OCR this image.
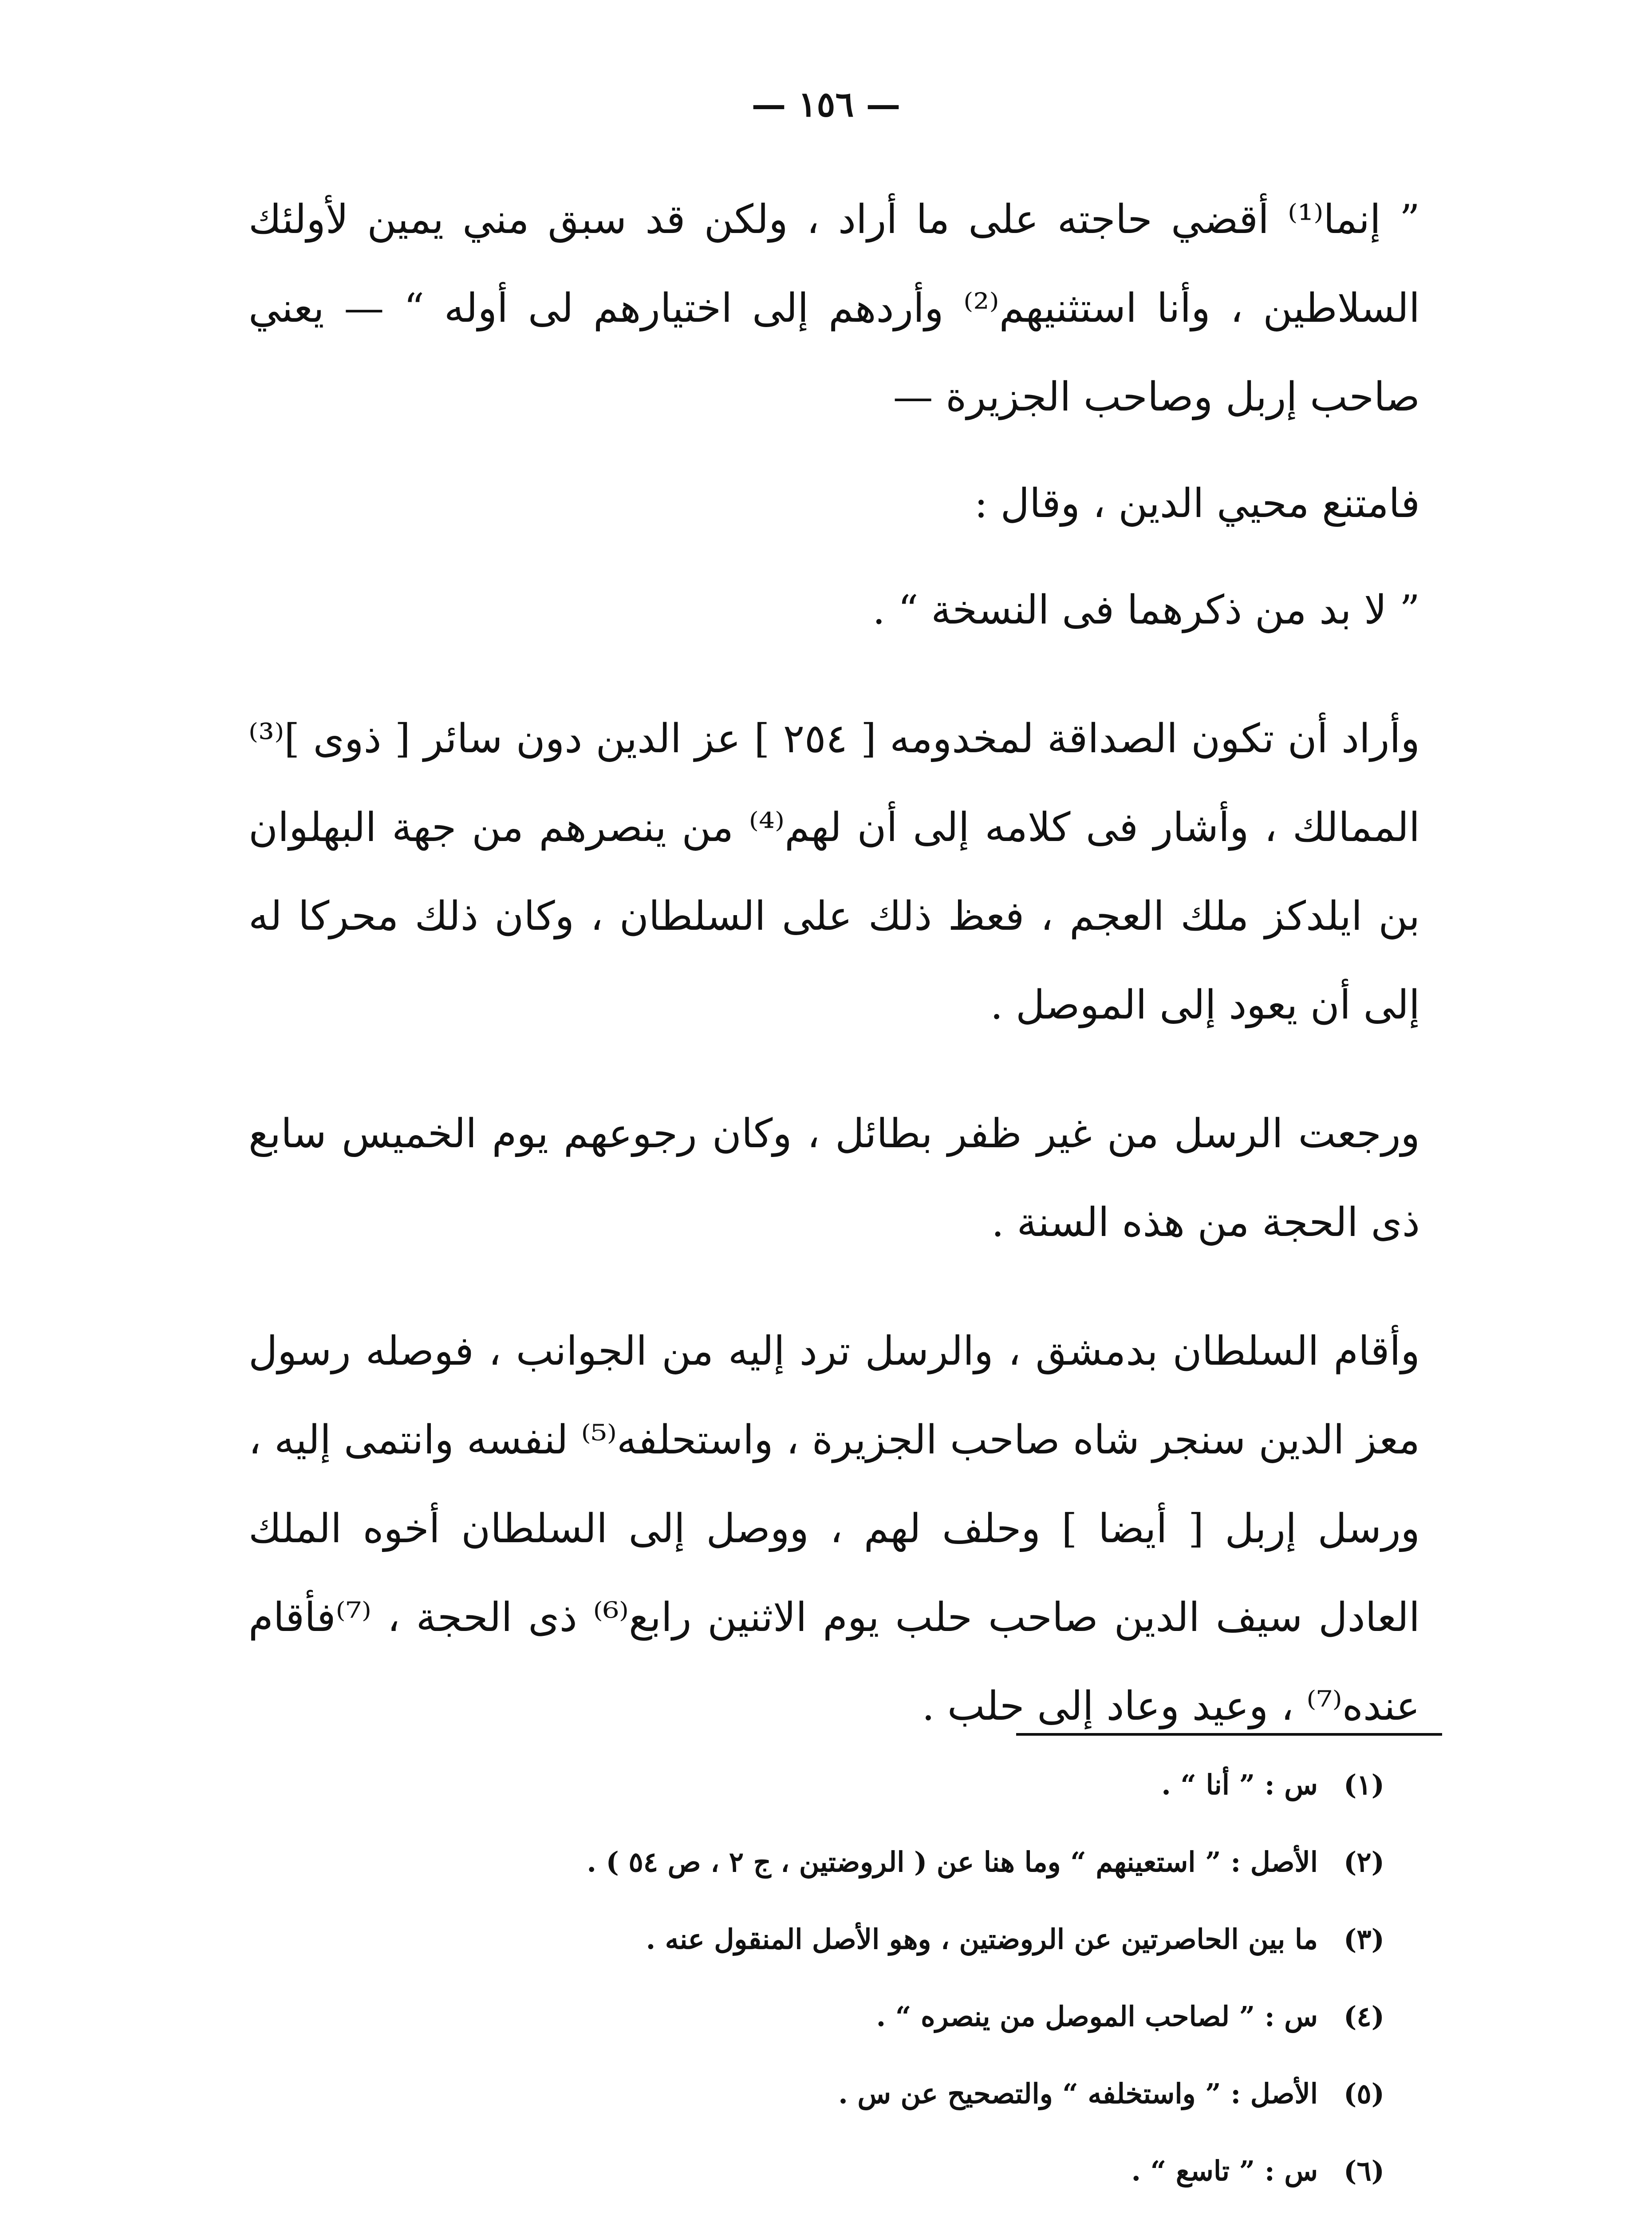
— ١٥٦ —

” إنما⁽¹⁾ أقضي حاجته على ما أراد ، ولكن قد سبق مني يمين لأولئك السلاطين ، وأنا استثنيهم⁽²⁾ وأردهم إلى اختيارهم لى أوله “ — يعني صاحب إربل وصاحب الجزيرة —

فامتنع محيي الدين ، وقال :

” لا بد من ذكرهما فى النسخة “ .

وأراد أن تكون الصداقة لمخدومه [ ٢٥٤ ] عز الدين دون سائر [ ذوى ]⁽³⁾ الممالك ، وأشار فى كلامه إلى أن لهم⁽⁴⁾ من ينصرهم من جهة البهلوان بن ايلدكز ملك العجم ، فعظ ذلك على السلطان ، وكان ذلك محركا له إلى أن يعود إلى الموصل .

ورجعت الرسل من غير ظفر بطائل ، وكان رجوعهم يوم الخميس سابع ذى الحجة من هذه السنة .

وأقام السلطان بدمشق ، والرسل ترد إليه من الجوانب ، فوصله رسول معز الدين سنجر شاه صاحب الجزيرة ، واستحلفه⁽⁵⁾ لنفسه وانتمى إليه ، ورسل إربل [ أيضا ] وحلف لهم ، ووصل إلى السلطان أخوه الملك العادل سيف الدين صاحب حلب يوم الاثنين رابع⁽⁶⁾ ذى الحجة ، ⁽⁷⁾فأقام عنده⁽⁷⁾ ، وعيد وعاد إلى حلب .

(١)
س : ” أنا “ .
(٢)
الأصل : ” استعينهم “ وما هنا عن ( الروضتين ، ج ٢ ، ص ٥٤ ) .
(٣)
ما بين الحاصرتين عن الروضتين ، وهو الأصل المنقول عنه .
(٤)
س : ” لصاحب الموصل من ينصره “ .
(٥)
الأصل : ” واستخلفه “ والتصحيح عن س .
(٦)
س : ” تاسع “ .
